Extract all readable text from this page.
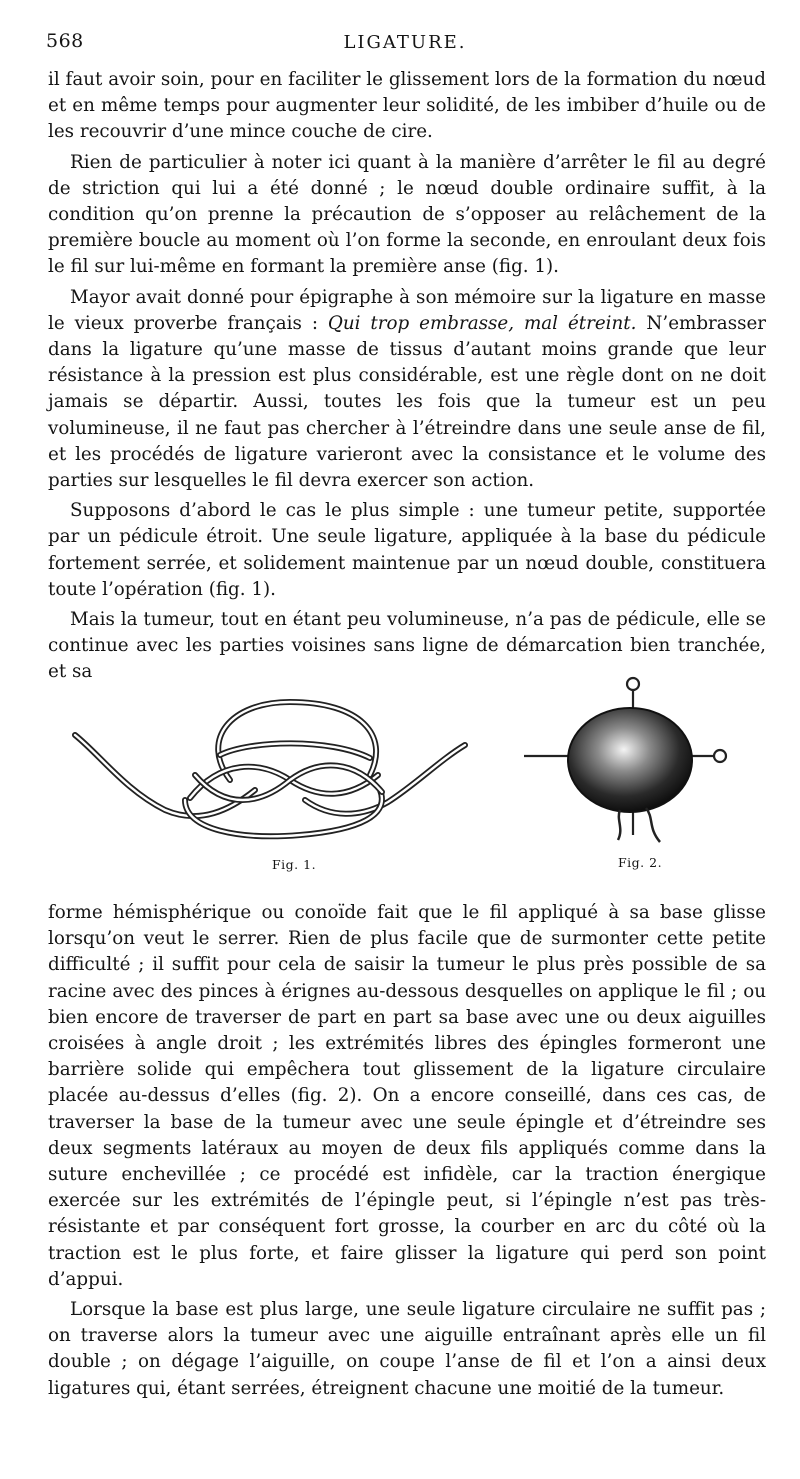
568	LIGATURE.

il faut avoir soin, pour en faciliter le glissement lors de la formation du nœud et en même temps pour augmenter leur solidité, de les imbiber d’huile ou de les recouvrir d’une mince couche de cire.

Rien de particulier à noter ici quant à la manière d’arrêter le fil au degré de striction qui lui a été donné ; le nœud double ordinaire suffit, à la condition qu’on prenne la précaution de s’opposer au relâchement de la première boucle au moment où l’on forme la seconde, en enroulant deux fois le fil sur lui-même en formant la première anse (fig. 1).

Mayor avait donné pour épigraphe à son mémoire sur la ligature en masse le vieux proverbe français : Qui trop embrasse, mal étreint. N’embrasser dans la ligature qu’une masse de tissus d’autant moins grande que leur résistance à la pression est plus considérable, est une règle dont on ne doit jamais se départir. Aussi, toutes les fois que la tumeur est un peu volumineuse, il ne faut pas chercher à l’étreindre dans une seule anse de fil, et les procédés de ligature varieront avec la consistance et le volume des parties sur lesquelles le fil devra exercer son action.

Supposons d’abord le cas le plus simple : une tumeur petite, supportée par un pédicule étroit. Une seule ligature, appliquée à la base du pédicule fortement serrée, et solidement maintenue par un nœud double, constituera toute l’opération (fig. 1).

Mais la tumeur, tout en étant peu volumineuse, n’a pas de pédicule, elle se continue avec les parties voisines sans ligne de démarcation bien tranchée, et sa

Fig. 1.	Fig. 2.

forme hémisphérique ou conoïde fait que le fil appliqué à sa base glisse lorsqu’on veut le serrer. Rien de plus facile que de surmonter cette petite difficulté ; il suffit pour cela de saisir la tumeur le plus près possible de sa racine avec des pinces à érignes au-dessous desquelles on applique le fil ; ou bien encore de traverser de part en part sa base avec une ou deux aiguilles croisées à angle droit ; les extrémités libres des épingles formeront une barrière solide qui empêchera tout glissement de la ligature circulaire placée au-dessus d’elles (fig. 2). On a encore conseillé, dans ces cas, de traverser la base de la tumeur avec une seule épingle et d’étreindre ses deux segments latéraux au moyen de deux fils appliqués comme dans la suture enchevillée ; ce procédé est infidèle, car la traction énergique exercée sur les extrémités de l’épingle peut, si l’épingle n’est pas très-résistante et par conséquent fort grosse, la courber en arc du côté où la traction est le plus forte, et faire glisser la ligature qui perd son point d’appui.

Lorsque la base est plus large, une seule ligature circulaire ne suffit pas ; on traverse alors la tumeur avec une aiguille entraînant après elle un fil double ; on dégage l’aiguille, on coupe l’anse de fil et l’on a ainsi deux ligatures qui, étant serrées, étreignent chacune une moitié de la tumeur.
